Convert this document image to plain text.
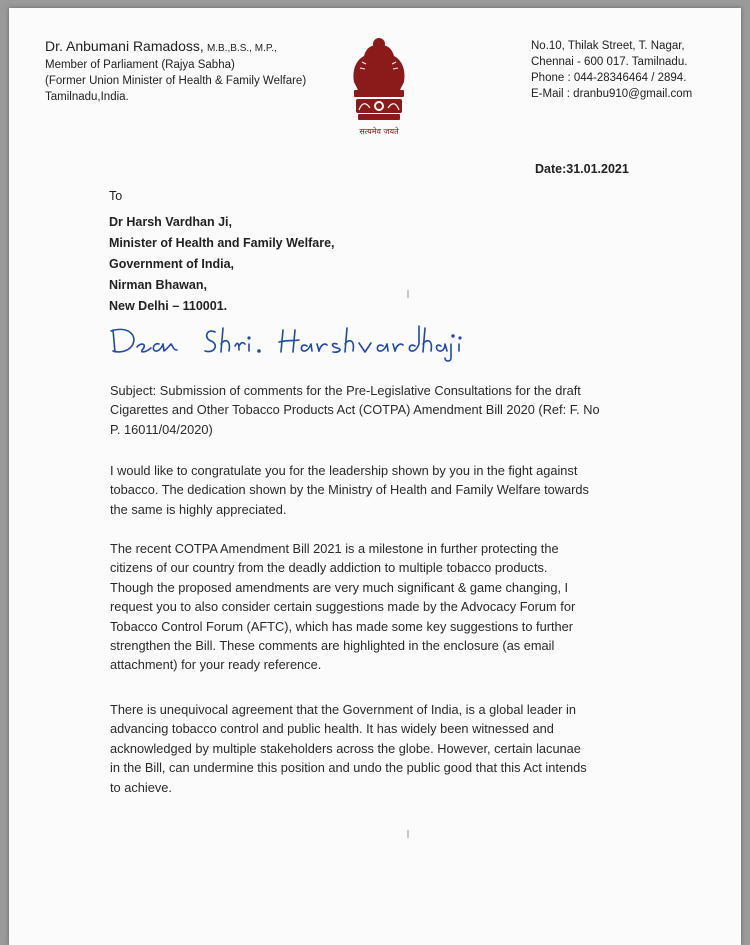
Dr. Anbumani Ramadoss, M.B.,B.S., M.P.,
Member of Parliament (Rajya Sabha)
(Former Union Minister of Health & Family Welfare)
Tamilnadu,India.
सत्यमेव जयते
No.10, Thilak Street, T. Nagar,
Chennai - 600 017. Tamilnadu.
Phone : 044-28346464 / 2894.
E-Mail : dranbu910@gmail.com
Date:31.01.2021
To
Dr Harsh Vardhan Ji,
Minister of Health and Family Welfare,
Government of India,
Nirman Bhawan,
New Delhi – 110001.
Subject: Submission of comments for the Pre-Legislative Consultations for the draft
Cigarettes and Other Tobacco Products Act (COTPA) Amendment Bill 2020 (Ref: F. No
P. 16011/04/2020)
I would like to congratulate you for the leadership shown by you in the fight against
tobacco. The dedication shown by the Ministry of Health and Family Welfare towards
the same is highly appreciated.
The recent COTPA Amendment Bill 2021 is a milestone in further protecting the
citizens of our country from the deadly addiction to multiple tobacco products.
Though the proposed amendments are very much significant & game changing, I
request you to also consider certain suggestions made by the Advocacy Forum for
Tobacco Control Forum (AFTC), which has made some key suggestions to further
strengthen the Bill. These comments are highlighted in the enclosure (as email
attachment) for your ready reference.
There is unequivocal agreement that the Government of India, is a global leader in
advancing tobacco control and public health. It has widely been witnessed and
acknowledged by multiple stakeholders across the globe. However, certain lacunae
in the Bill, can undermine this position and undo the public good that this Act intends
to achieve.
